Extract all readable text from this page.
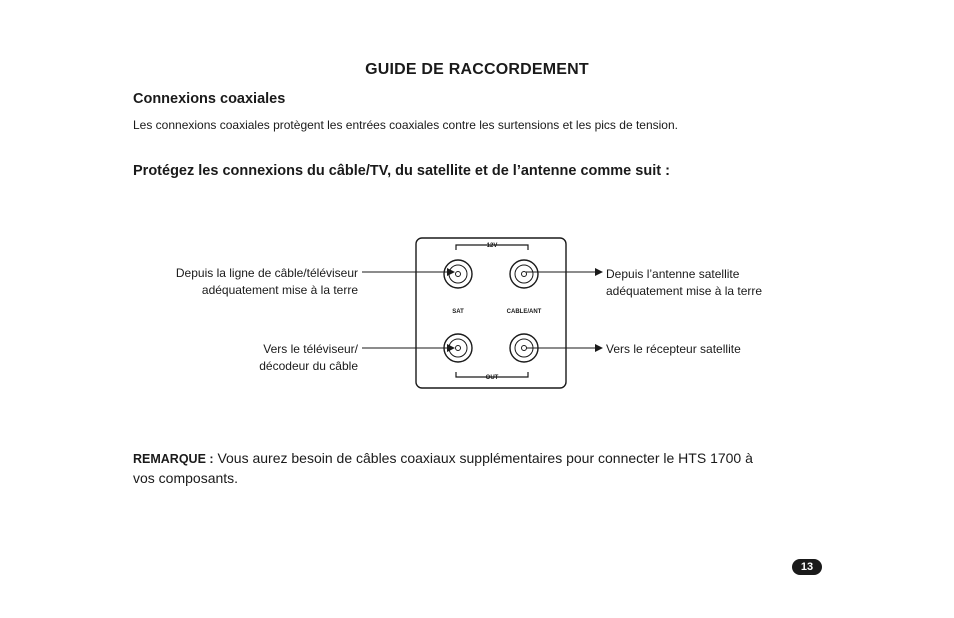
GUIDE DE RACCORDEMENT
Connexions coaxiales
Les connexions coaxiales protègent les entrées coaxiales contre les surtensions et les pics de tension.
Protégez les connexions du câble/TV, du satellite et de l’antenne comme suit :
12V
OUT
SAT	CABLE/ANT
Depuis la ligne de câble/téléviseur
adéquatement mise à la terre
Vers le téléviseur/
décodeur du câble
Depuis l’antenne satellite
adéquatement mise à la terre
Vers le récepteur satellite
REMARQUE : Vous aurez besoin de câbles coaxiaux supplémentaires pour connecter le HTS 1700 à vos composants.
13
